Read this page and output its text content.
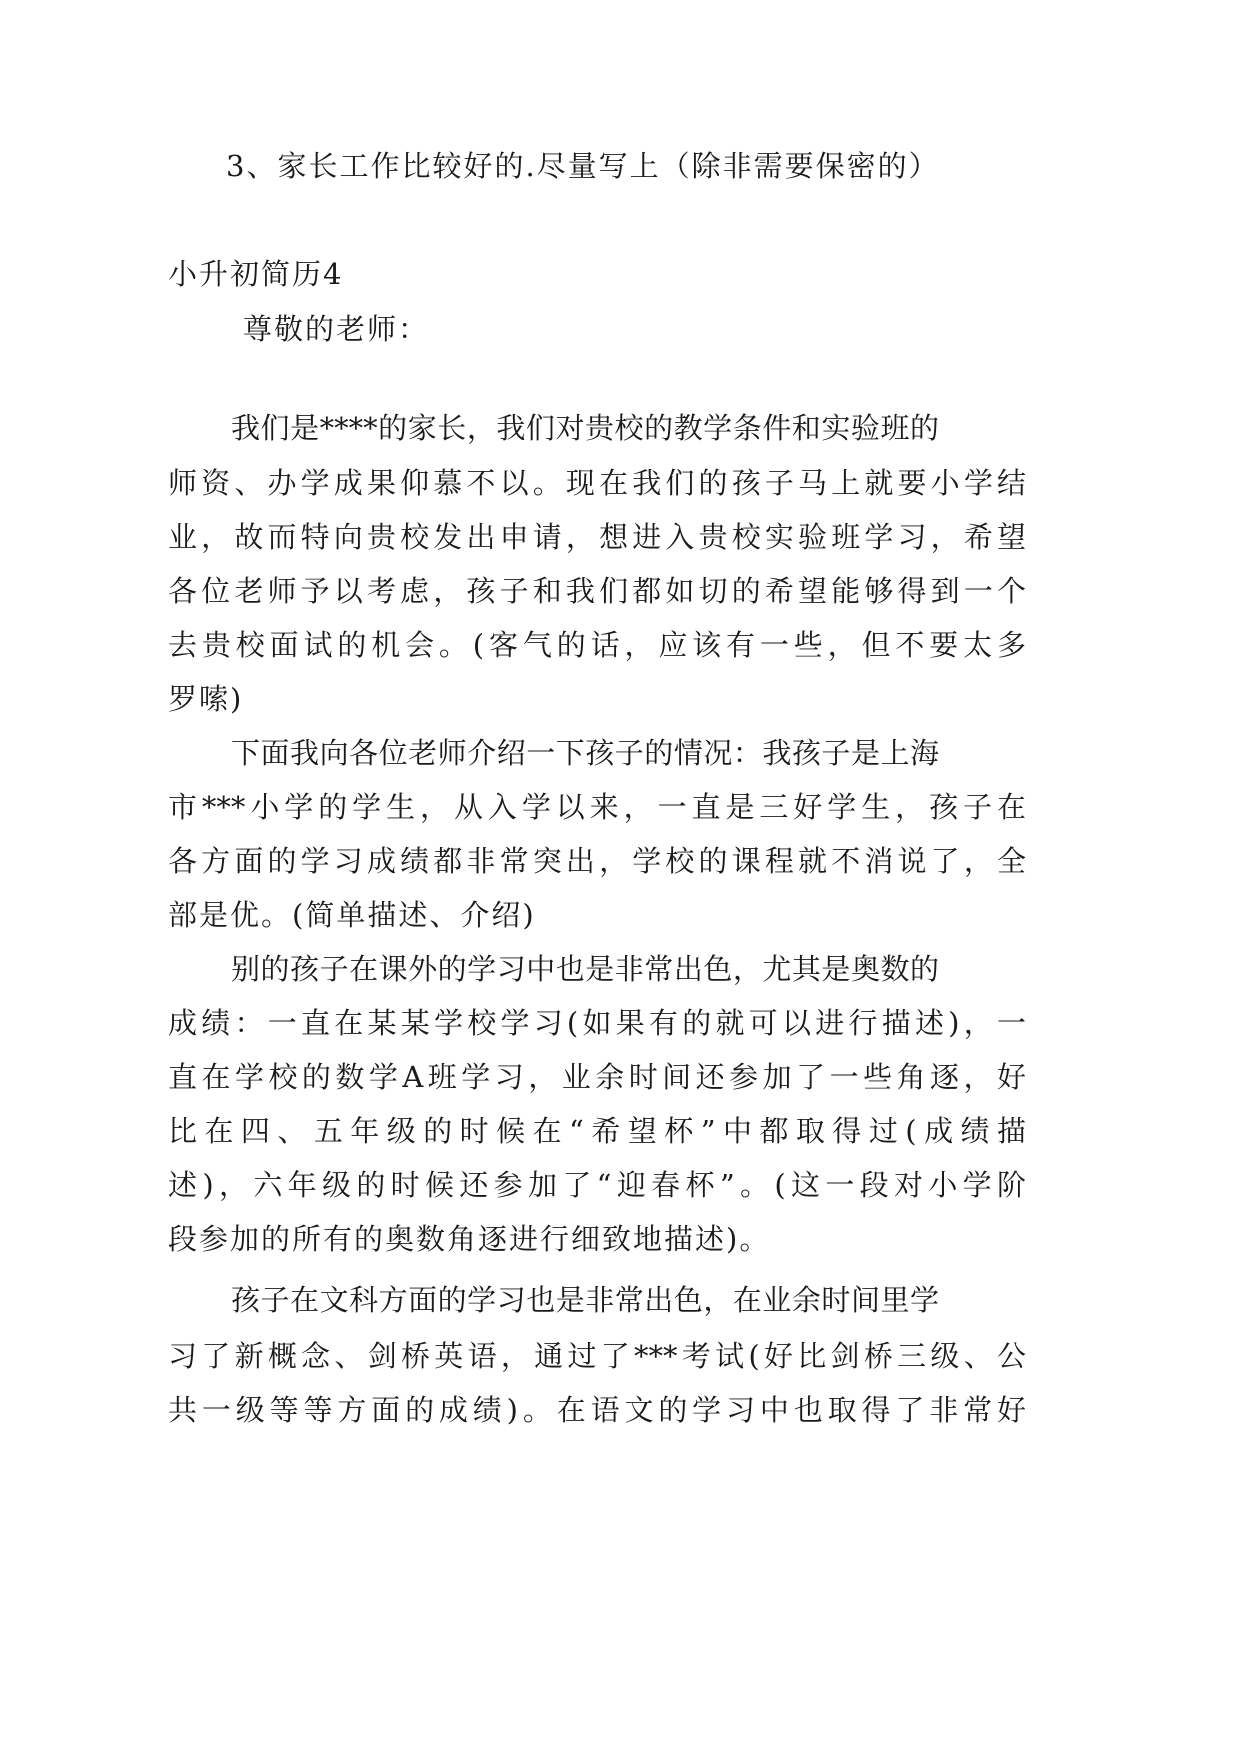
3、家长工作比较好的.尽量写上（除非需要保密的）
小升初简历4
尊敬的老师：
我们是****的家长，我们对贵校的教学条件和实验班的
师资、办学成果仰慕不以。现在我们的孩子马上就要小学结
业，故而特向贵校发出申请，想进入贵校实验班学习，希望
各位老师予以考虑，孩子和我们都如切的希望能够得到一个
去贵校面试的机会。(客气的话，应该有一些，但不要太多
罗嗦)
下面我向各位老师介绍一下孩子的情况：我孩子是上海
市***小学的学生，从入学以来，一直是三好学生，孩子在
各方面的学习成绩都非常突出，学校的课程就不消说了，全
部是优。(简单描述、介绍)
别的孩子在课外的学习中也是非常出色，尤其是奥数的
成绩：一直在某某学校学习(如果有的就可以进行描述)，一
直在学校的数学A班学习，业余时间还参加了一些角逐，好
比在四、五年级的时候在“希望杯”中都取得过(成绩描
述)，六年级的时候还参加了“迎春杯”。(这一段对小学阶
段参加的所有的奥数角逐进行细致地描述)。
孩子在文科方面的学习也是非常出色，在业余时间里学
习了新概念、剑桥英语，通过了***考试(好比剑桥三级、公
共一级等等方面的成绩)。在语文的学习中也取得了非常好
